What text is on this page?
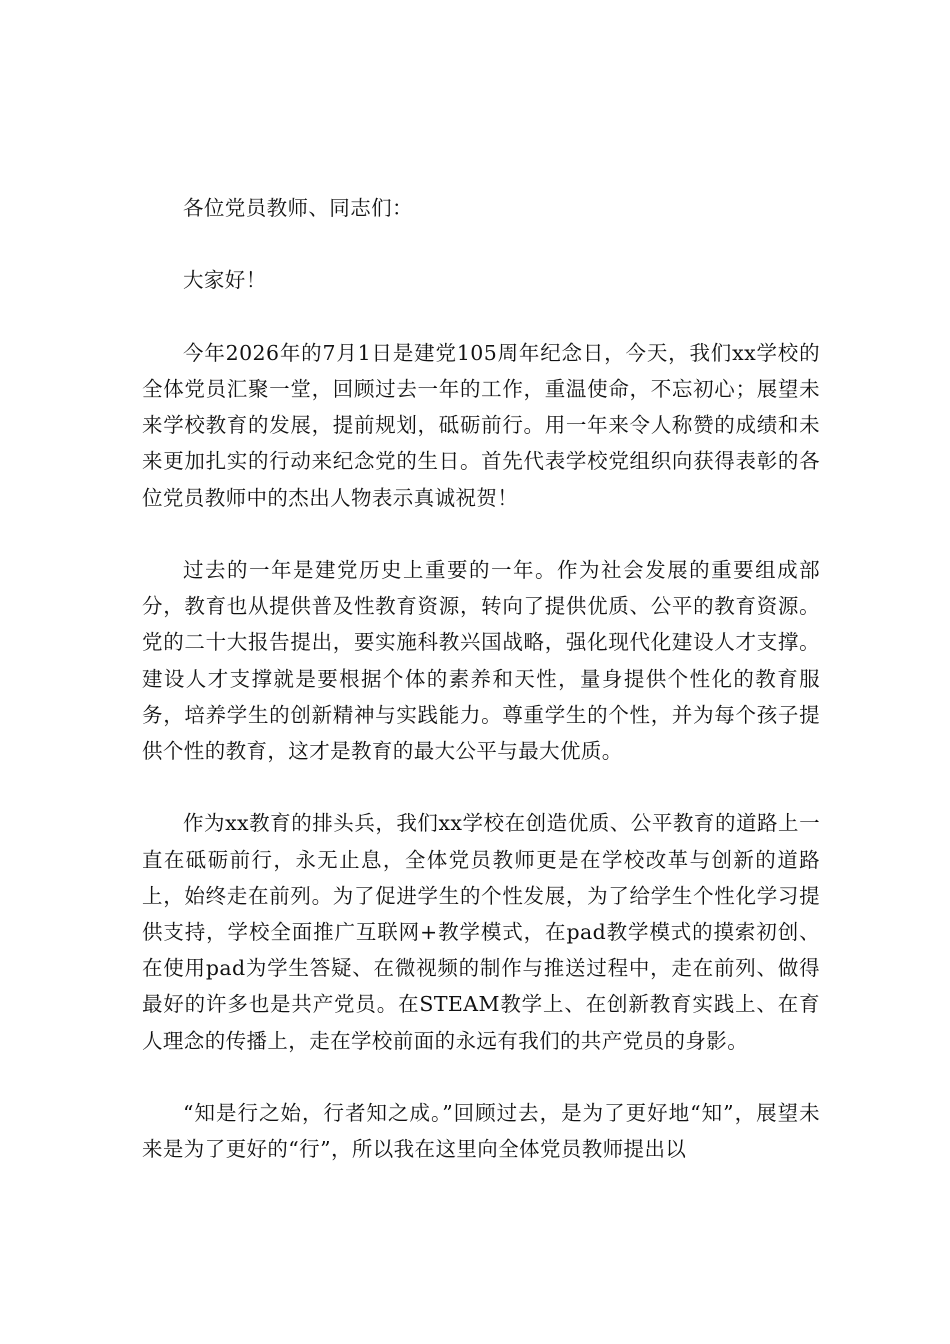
各位党员教师、同志们：

大家好！

今年2026年的7月1日是建党105周年纪念日，今天，我们xx学校的全体党员汇聚一堂，回顾过去一年的工作，重温使命，不忘初心；展望未来学校教育的发展，提前规划，砥砺前行。用一年来令人称赞的成绩和未来更加扎实的行动来纪念党的生日。首先代表学校党组织向获得表彰的各位党员教师中的杰出人物表示真诚祝贺！

过去的一年是建党历史上重要的一年。作为社会发展的重要组成部分，教育也从提供普及性教育资源，转向了提供优质、公平的教育资源。党的二十大报告提出，要实施科教兴国战略，强化现代化建设人才支撑。建设人才支撑就是要根据个体的素养和天性，量身提供个性化的教育服务，培养学生的创新精神与实践能力。尊重学生的个性，并为每个孩子提供个性的教育，这才是教育的最大公平与最大优质。

作为xx教育的排头兵，我们xx学校在创造优质、公平教育的道路上一直在砥砺前行，永无止息，全体党员教师更是在学校改革与创新的道路上，始终走在前列。为了促进学生的个性发展，为了给学生个性化学习提供支持，学校全面推广互联网+教学模式，在pad教学模式的摸索初创、在使用pad为学生答疑、在微视频的制作与推送过程中，走在前列、做得最好的许多也是共产党员。在STEAM教学上、在创新教育实践上、在育人理念的传播上，走在学校前面的永远有我们的共产党员的身影。

“知是行之始，行者知之成。”回顾过去，是为了更好地“知”，展望未来是为了更好的“行”，所以我在这里向全体党员教师提出以
